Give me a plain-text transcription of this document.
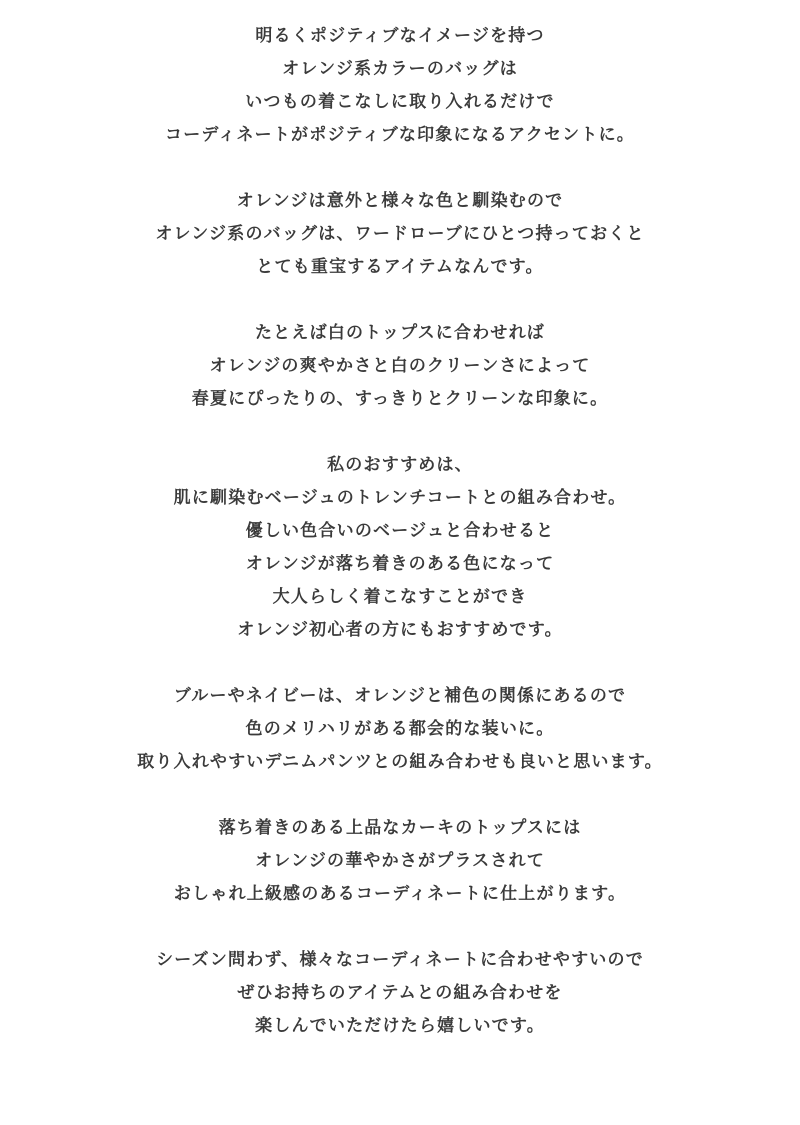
明るくポジティブなイメージを持つ
オレンジ系カラーのバッグは
いつもの着こなしに取り入れるだけで
コーディネートがポジティブな印象になるアクセントに。
オレンジは意外と様々な色と馴染むので
オレンジ系のバッグは、ワードローブにひとつ持っておくと
とても重宝するアイテムなんです。
たとえば白のトップスに合わせれば
オレンジの爽やかさと白のクリーンさによって
春夏にぴったりの、すっきりとクリーンな印象に。
私のおすすめは、
肌に馴染むベージュのトレンチコートとの組み合わせ。
優しい色合いのベージュと合わせると
オレンジが落ち着きのある色になって
大人らしく着こなすことができ
オレンジ初心者の方にもおすすめです。
ブルーやネイビーは、オレンジと補色の関係にあるので
色のメリハリがある都会的な装いに。
取り入れやすいデニムパンツとの組み合わせも良いと思います。
落ち着きのある上品なカーキのトップスには
オレンジの華やかさがプラスされて
おしゃれ上級感のあるコーディネートに仕上がります。
シーズン問わず、様々なコーディネートに合わせやすいので
ぜひお持ちのアイテムとの組み合わせを
楽しんでいただけたら嬉しいです。
